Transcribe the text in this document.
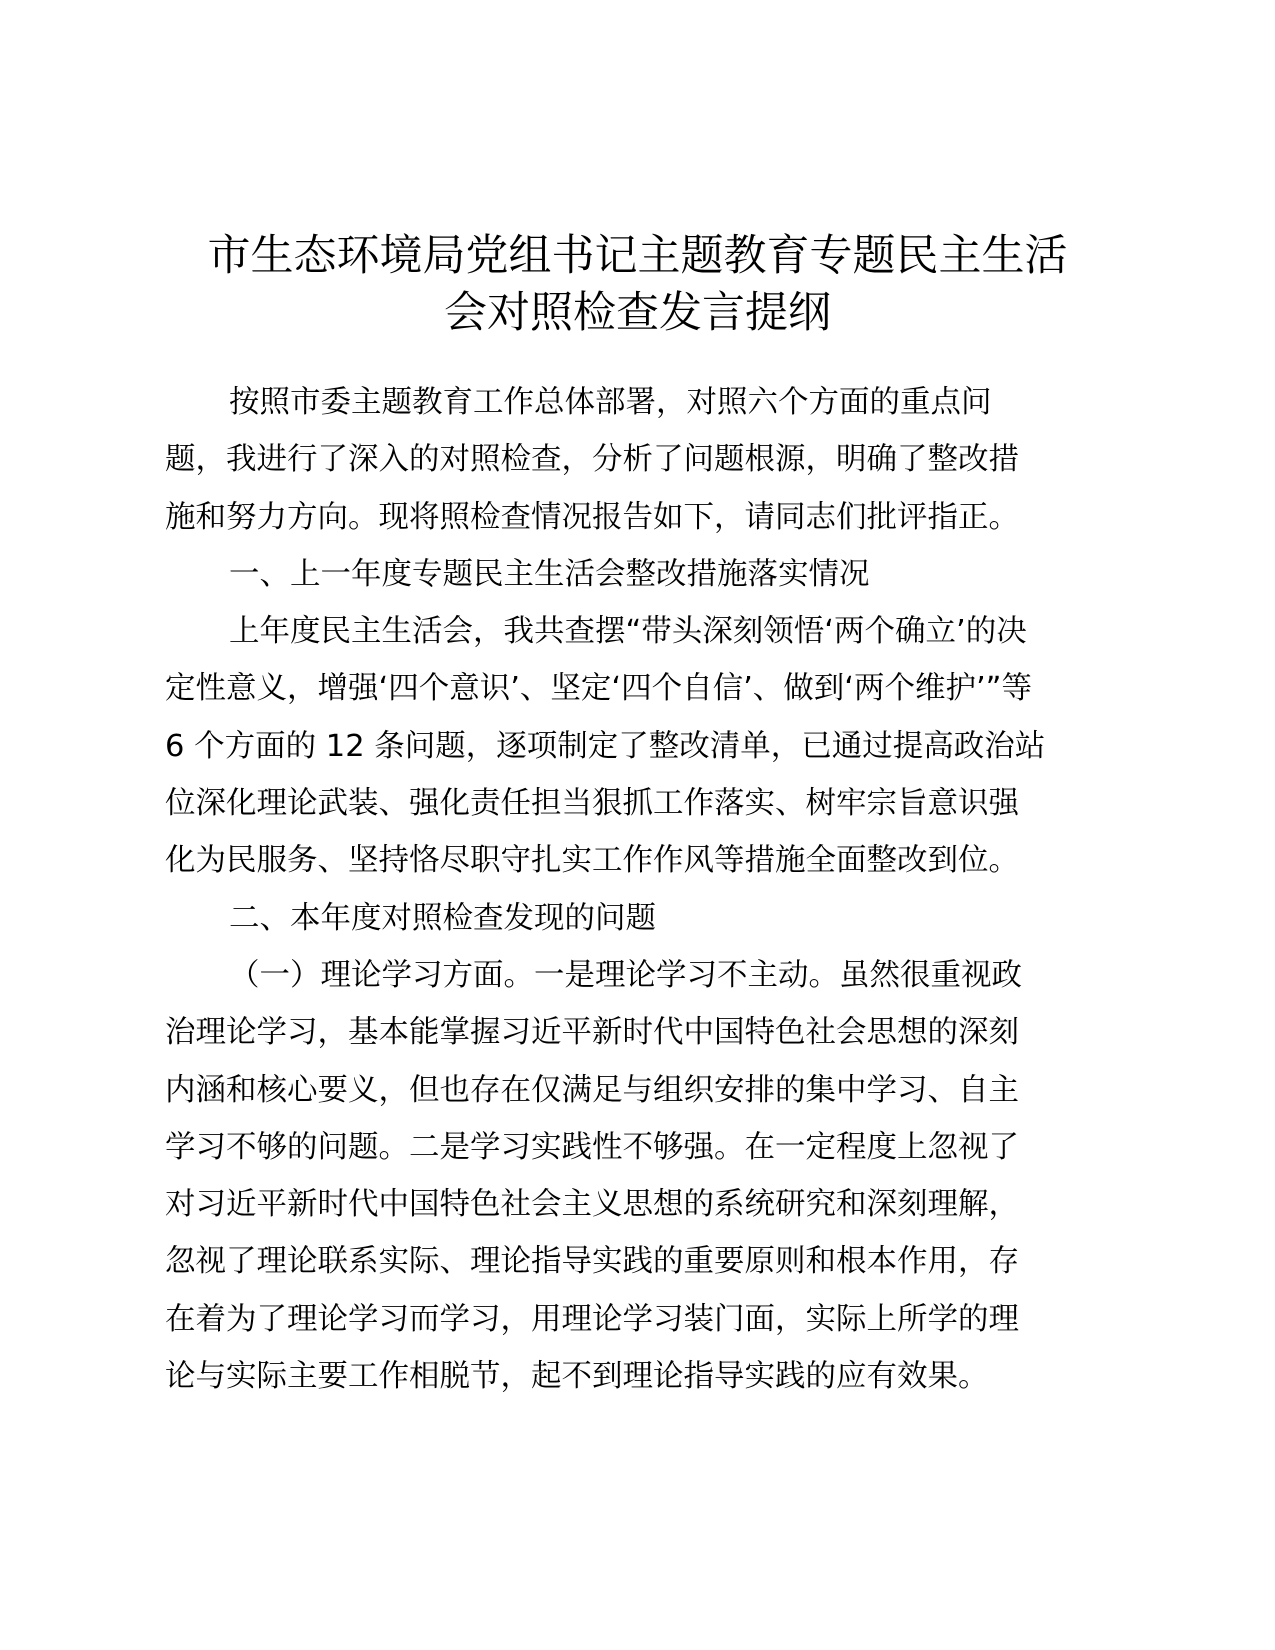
市生态环境局党组书记主题教育专题民主生活
会对照检查发言提纲
按照市委主题教育工作总体部署，对照六个方面的重点问
题，我进行了深入的对照检查，分析了问题根源，明确了整改措
施和努力方向。现将照检查情况报告如下，请同志们批评指正。
一、上一年度专题民主生活会整改措施落实情况
上年度民主生活会，我共查摆“带头深刻领悟‘两个确立’的决
定性意义，增强‘四个意识’、坚定‘四个自信’、做到‘两个维护’”等
6 个方面的 12 条问题，逐项制定了整改清单，已通过提高政治站
位深化理论武装、强化责任担当狠抓工作落实、树牢宗旨意识强
化为民服务、坚持恪尽职守扎实工作作风等措施全面整改到位。
二、本年度对照检查发现的问题
（一）理论学习方面。一是理论学习不主动。虽然很重视政
治理论学习，基本能掌握习近平新时代中国特色社会思想的深刻
内涵和核心要义，但也存在仅满足与组织安排的集中学习、自主
学习不够的问题。二是学习实践性不够强。在一定程度上忽视了
对习近平新时代中国特色社会主义思想的系统研究和深刻理解，
忽视了理论联系实际、理论指导实践的重要原则和根本作用，存
在着为了理论学习而学习，用理论学习装门面，实际上所学的理
论与实际主要工作相脱节，起不到理论指导实践的应有效果。
